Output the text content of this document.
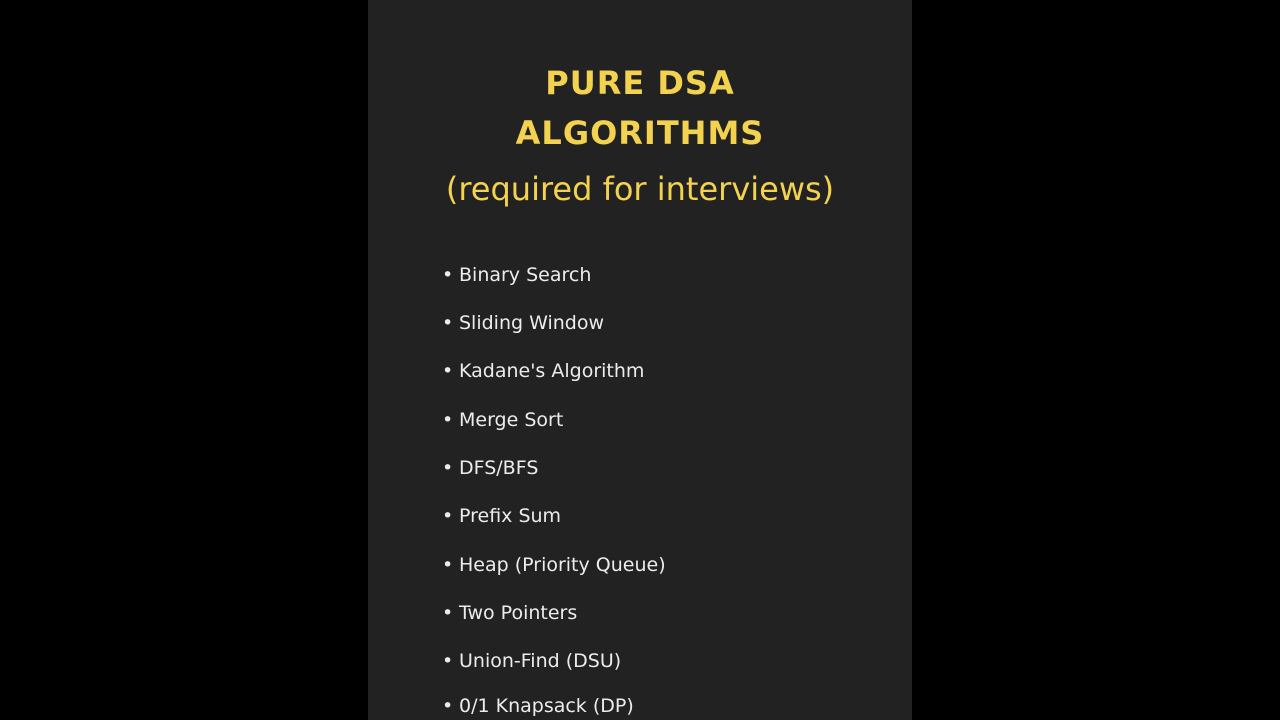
PURE DSA
ALGORITHMS
(required for interviews)
• Binary Search
• Sliding Window
• Kadane's Algorithm
• Merge Sort
• DFS/BFS
• Prefix Sum
• Heap (Priority Queue)
• Two Pointers
• Union-Find (DSU)
• 0/1 Knapsack (DP)
